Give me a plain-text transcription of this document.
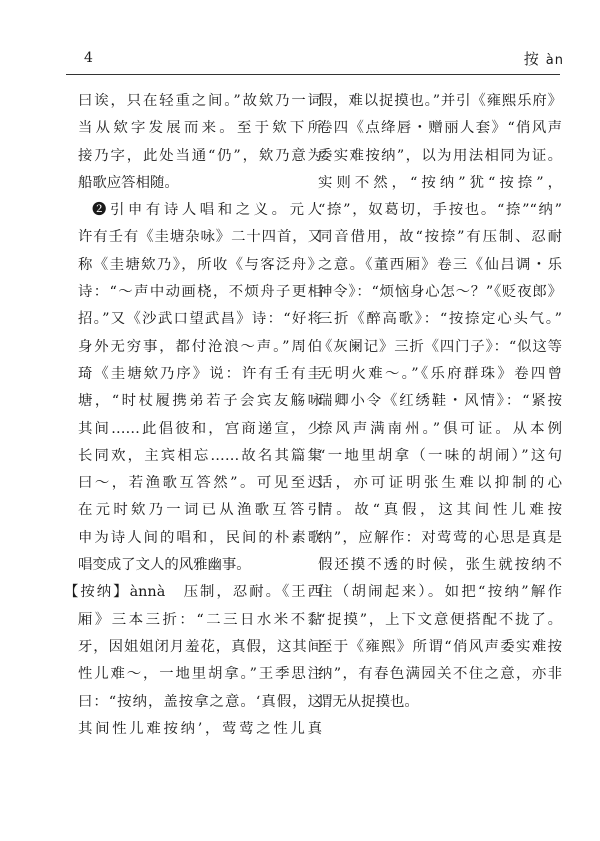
4	按 àn
曰诶，只在轻重之间。”故欸乃一词
当从欸字发展而来。至于欸下所
接乃字，此处当通“仍”，欸乃意为
船歌应答相随。
❷引申有诗人唱和之义。元人
许有壬有《圭塘杂咏》二十四首，又
称《圭塘欸乃》，所收《与客泛舟》
诗：“～声中动画桡，不烦舟子更相
招。”又《沙武口望武昌》诗：“好将
身外无穷事，都付沧浪～声。”周伯
琦《圭塘欸乃序》说：许有壬有圭
塘，“时杖履携弟若子会宾友觞咏
其间……此倡彼和，宫商递宣，少
长同欢，主宾相忘……故名其篇集
曰～，若渔歌互答然”。可见至迟
在元时欸乃一词已从渔歌互答引
申为诗人间的唱和，民间的朴素歌
唱变成了文人的风雅幽事。
【按纳】ànnà　压制，忍耐。《王西
厢》三本三折：“二三日水米不黏
牙，因姐姐闭月羞花，真假，这其间
性儿难～，一地里胡拿。”王季思注
曰：“按纳，盖按拿之意。‘真假，这
其间性儿难按纳’，莺莺之性儿真
假，难以捉摸也。”并引《雍熙乐府》
卷四《点绛唇・赠丽人套》“俏风声
委实难按纳”，以为用法相同为证。
实则不然，“按纳”犹“按捺”，
“捺”，奴葛切，手按也。“捺”“纳”
同音借用，故“按捺”有压制、忍耐
之意。《董西厢》卷三《仙吕调・乐
神令》：“烦恼身心怎～？”《贬夜郎》
三折《醉高歌》：“按捺定心头气。”
《灰阑记》三折《四门子》：“似这等
无明火难～。”《乐府群珠》卷四曾
瑞卿小令《红绣鞋・风情》：“紧按
捺风声满南州。”俱可证。从本例
“一地里胡拿（一味的胡闹）”这句
话，亦可证明张生难以抑制的心
情。故“真假，这其间性儿难按
纳”，应解作：对莺莺的心思是真是
假还摸不透的时候，张生就按纳不
住（胡闹起来）。如把“按纳”解作
“捉摸”，上下文意便搭配不拢了。
至于《雍熙》所谓“俏风声委实难按
纳”，有春色满园关不住之意，亦非
谓无从捉摸也。
